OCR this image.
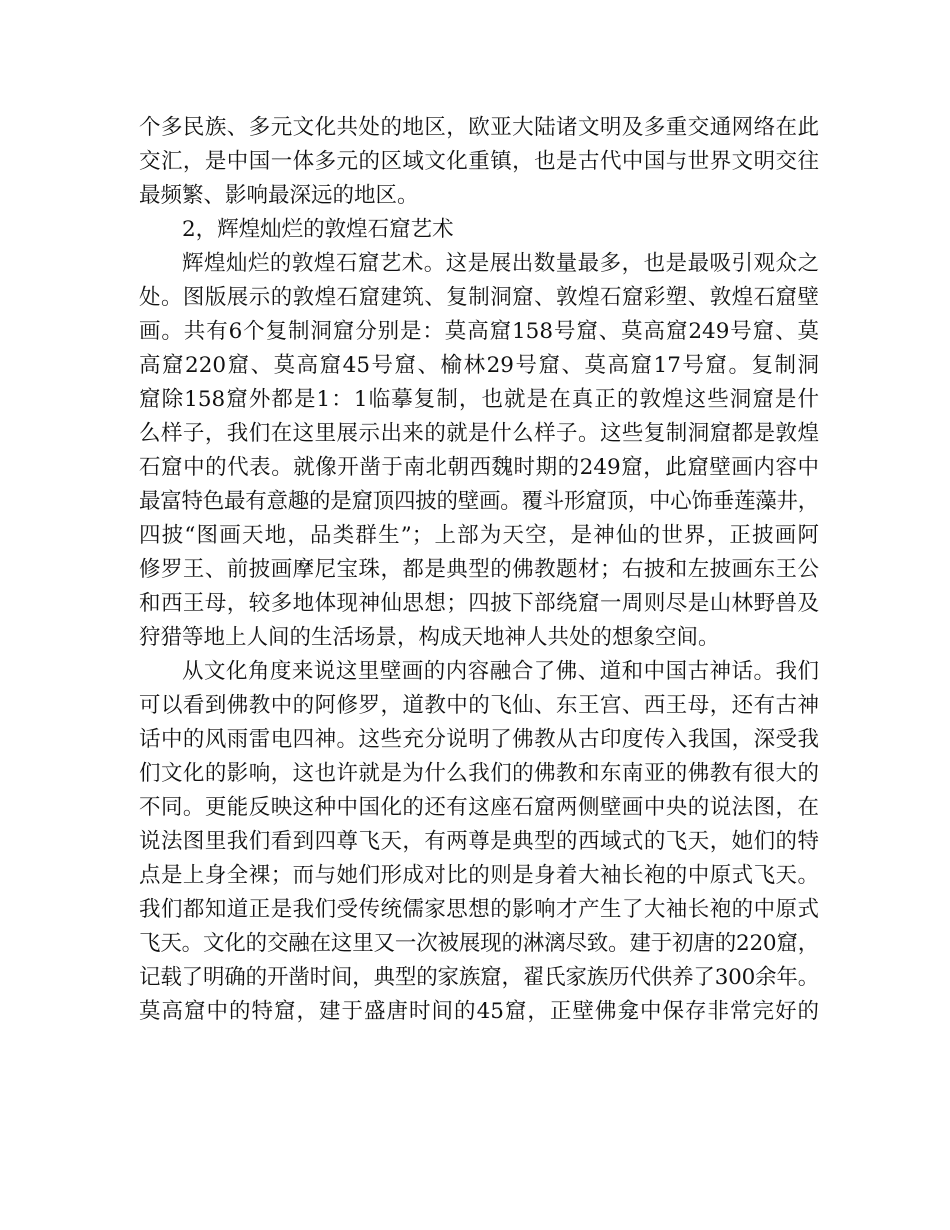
个多民族、多元文化共处的地区，欧亚大陆诸文明及多重交通网络在此
交汇，是中国一体多元的区域文化重镇，也是古代中国与世界文明交往
最频繁、影响最深远的地区。
2，辉煌灿烂的敦煌石窟艺术
辉煌灿烂的敦煌石窟艺术。这是展出数量最多，也是最吸引观众之
处。图版展示的敦煌石窟建筑、复制洞窟、敦煌石窟彩塑、敦煌石窟壁
画。共有6个复制洞窟分别是：莫高窟158号窟、莫高窟249号窟、莫
高窟220窟、莫高窟45号窟、榆林29号窟、莫高窟17号窟。复制洞
窟除158窟外都是1：1临摹复制，也就是在真正的敦煌这些洞窟是什
么样子，我们在这里展示出来的就是什么样子。这些复制洞窟都是敦煌
石窟中的代表。就像开凿于南北朝西魏时期的249窟，此窟壁画内容中
最富特色最有意趣的是窟顶四披的壁画。覆斗形窟顶，中心饰垂莲藻井，
四披“图画天地，品类群生”；上部为天空，是神仙的世界，正披画阿
修罗王、前披画摩尼宝珠，都是典型的佛教题材；右披和左披画东王公
和西王母，较多地体现神仙思想；四披下部绕窟一周则尽是山林野兽及
狩猎等地上人间的生活场景，构成天地神人共处的想象空间。
从文化角度来说这里壁画的内容融合了佛、道和中国古神话。我们
可以看到佛教中的阿修罗，道教中的飞仙、东王宫、西王母，还有古神
话中的风雨雷电四神。这些充分说明了佛教从古印度传入我国，深受我
们文化的影响，这也许就是为什么我们的佛教和东南亚的佛教有很大的
不同。更能反映这种中国化的还有这座石窟两侧壁画中央的说法图，在
说法图里我们看到四尊飞天，有两尊是典型的西域式的飞天，她们的特
点是上身全裸；而与她们形成对比的则是身着大袖长袍的中原式飞天。
我们都知道正是我们受传统儒家思想的影响才产生了大袖长袍的中原式
飞天。文化的交融在这里又一次被展现的淋漓尽致。建于初唐的220窟，
记载了明确的开凿时间，典型的家族窟，翟氏家族历代供养了300余年。
莫高窟中的特窟，建于盛唐时间的45窟，正壁佛龛中保存非常完好的
